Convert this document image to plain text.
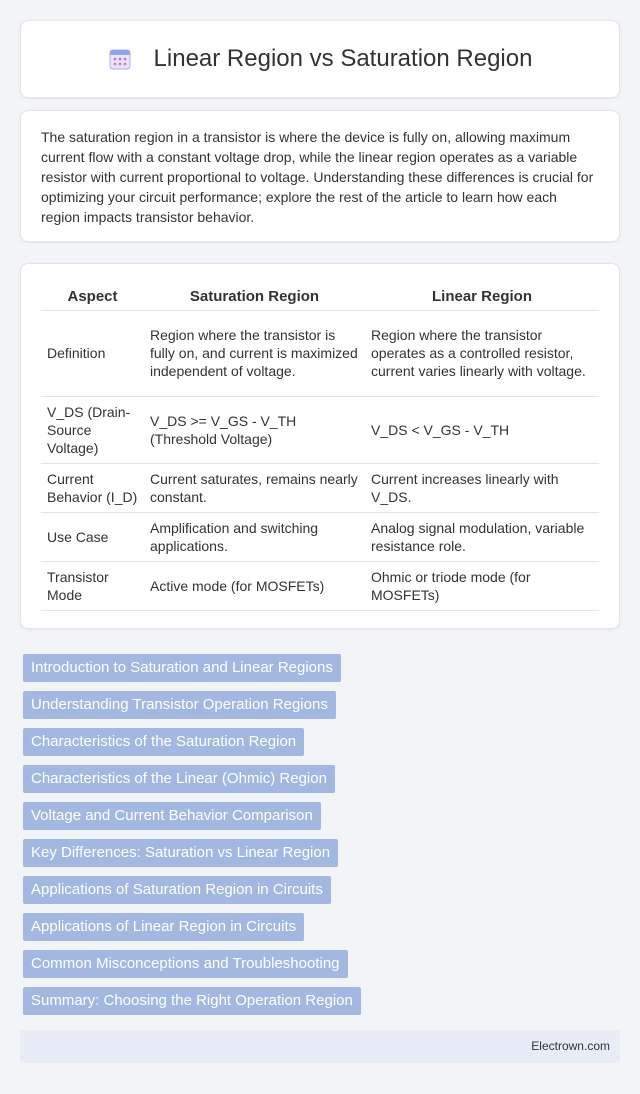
Linear Region vs Saturation Region

The saturation region in a transistor is where the device is fully on, allowing maximum current flow with a constant voltage drop, while the linear region operates as a variable resistor with current proportional to voltage. Understanding these differences is crucial for optimizing your circuit performance; explore the rest of the article to learn how each region impacts transistor behavior.

Aspect	Saturation Region	Linear Region
Definition	Region where the transistor is fully on, and current is maximized independent of voltage.	Region where the transistor operates as a controlled resistor, current varies linearly with voltage.
V_DS (Drain-Source Voltage)	V_DS >= V_GS - V_TH (Threshold Voltage)	V_DS < V_GS - V_TH
Current Behavior (I_D)	Current saturates, remains nearly constant.	Current increases linearly with V_DS.
Use Case	Amplification and switching applications.	Analog signal modulation, variable resistance role.
Transistor Mode	Active mode (for MOSFETs)	Ohmic or triode mode (for MOSFETs)
Introduction to Saturation and Linear Regions
Understanding Transistor Operation Regions
Characteristics of the Saturation Region
Characteristics of the Linear (Ohmic) Region
Voltage and Current Behavior Comparison
Key Differences: Saturation vs Linear Region
Applications of Saturation Region in Circuits
Applications of Linear Region in Circuits
Common Misconceptions and Troubleshooting
Summary: Choosing the Right Operation Region
Electrown.com
